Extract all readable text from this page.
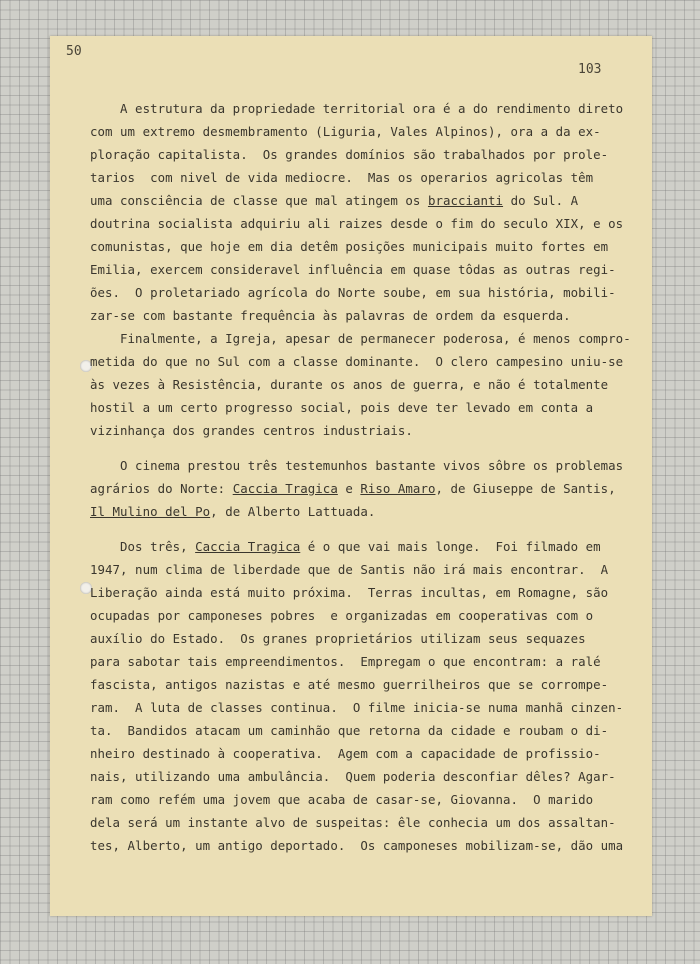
50
103

A estrutura da propriedade territorial ora é a do rendimento direto

com um extremo desmembramento (Liguria, Vales Alpinos), ora a da ex-

ploração capitalista.  Os grandes domínios são trabalhados por prole-

tarios  com nivel de vida mediocre.  Mas os operarios agricolas têm

uma consciência de classe que mal atingem os braccianti do Sul. A

doutrina socialista adquiriu ali raizes desde o fim do seculo XIX, e os

comunistas, que hoje em dia detêm posições municipais muito fortes em

Emilia, exercem consideravel influência em quase tôdas as outras regi-

ões.  O proletariado agrícola do Norte soube, em sua história, mobili-

zar-se com bastante frequência às palavras de ordem da esquerda.

Finalmente, a Igreja, apesar de permanecer poderosa, é menos compro-

metida do que no Sul com a classe dominante.  O clero campesino uniu-se

às vezes à Resistência, durante os anos de guerra, e não é totalmente

hostil a um certo progresso social, pois deve ter levado em conta a

vizinhança dos grandes centros industriais.

O cinema prestou três testemunhos bastante vivos sôbre os problemas

agrários do Norte: Caccia Tragica e Riso Amaro, de Giuseppe de Santis,

Il Mulino del Po, de Alberto Lattuada.

Dos três, Caccia Tragica é o que vai mais longe.  Foi filmado em

1947, num clima de liberdade que de Santis não irá mais encontrar.  A

Liberação ainda está muito próxima.  Terras incultas, em Romagne, são

ocupadas por camponeses pobres  e organizadas em cooperativas com o

auxílio do Estado.  Os granes proprietários utilizam seus sequazes

para sabotar tais empreendimentos.  Empregam o que encontram: a ralé

fascista, antigos nazistas e até mesmo guerrilheiros que se corrompe-

ram.  A luta de classes continua.  O filme inicia-se numa manhã cinzen-

ta.  Bandidos atacam um caminhão que retorna da cidade e roubam o di-

nheiro destinado à cooperativa.  Agem com a capacidade de profissio-

nais, utilizando uma ambulância.  Quem poderia desconfiar dêles? Agar-

ram como refém uma jovem que acaba de casar-se, Giovanna.  O marido

dela será um instante alvo de suspeitas: êle conhecia um dos assaltan-

tes, Alberto, um antigo deportado.  Os camponeses mobilizam-se, dão uma
